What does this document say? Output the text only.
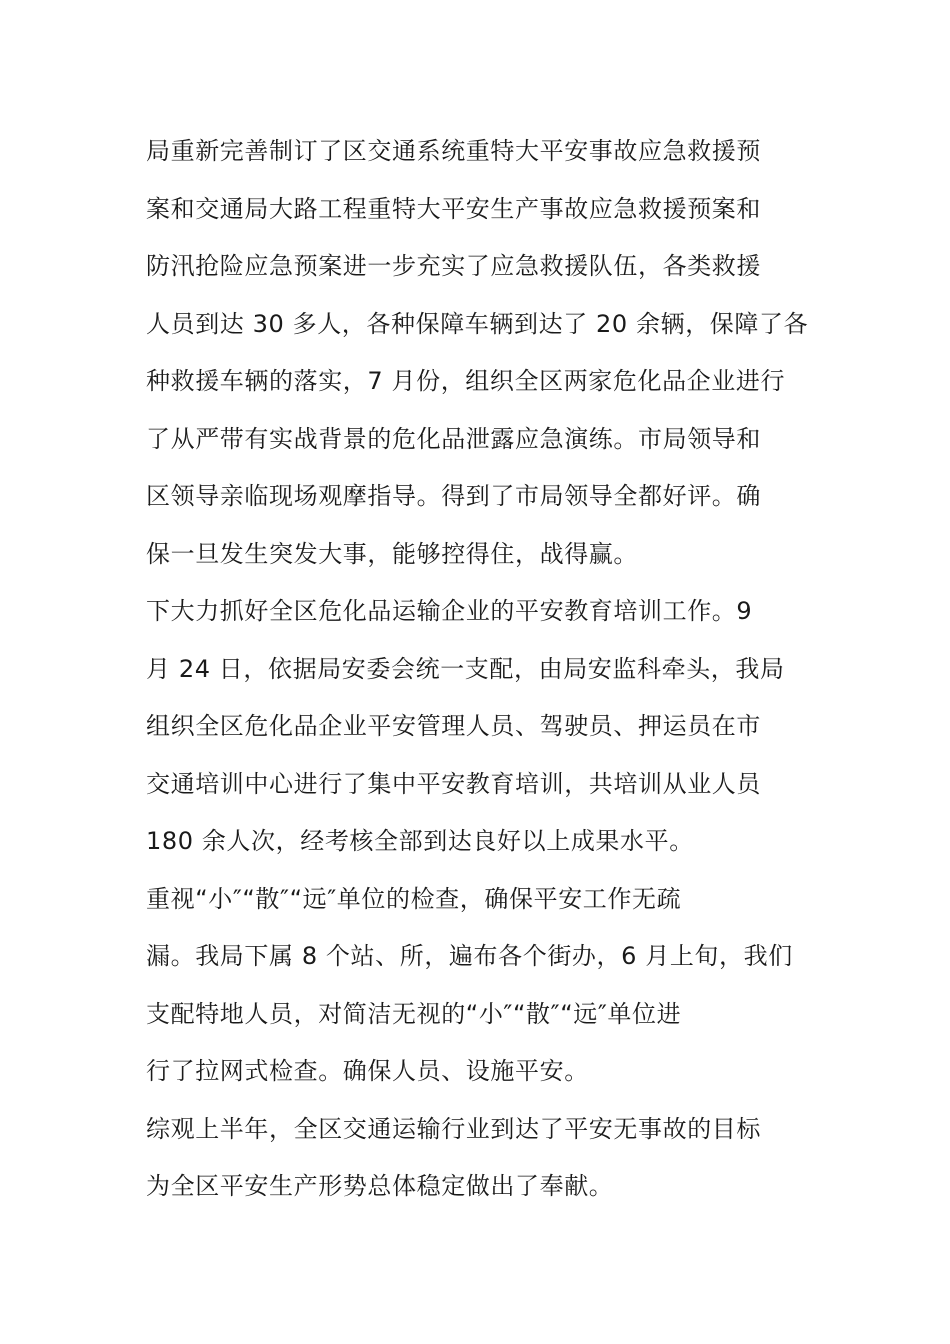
局重新完善制订了区交通系统重特大平安事故应急救援预
案和交通局大路工程重特大平安生产事故应急救援预案和
防汛抢险应急预案进一步充实了应急救援队伍，各类救援
人员到达 30 多人，各种保障车辆到达了 20 余辆，保障了各
种救援车辆的落实，7 月份，组织全区两家危化品企业进行
了从严带有实战背景的危化品泄露应急演练。市局领导和
区领导亲临现场观摩指导。得到了市局领导全都好评。确
保一旦发生突发大事，能够控得住，战得赢。
下大力抓好全区危化品运输企业的平安教育培训工作。9
月 24 日，依据局安委会统一支配，由局安监科牵头，我局
组织全区危化品企业平安管理人员、驾驶员、押运员在市
交通培训中心进行了集中平安教育培训，共培训从业人员
180 余人次，经考核全部到达良好以上成果水平。
重视“小″“散″“远″单位的检查，确保平安工作无疏
漏。我局下属 8 个站、所，遍布各个街办，6 月上旬，我们
支配特地人员，对简洁无视的“小″“散″“远″单位进
行了拉网式检查。确保人员、设施平安。
综观上半年，全区交通运输行业到达了平安无事故的目标
为全区平安生产形势总体稳定做出了奉献。
